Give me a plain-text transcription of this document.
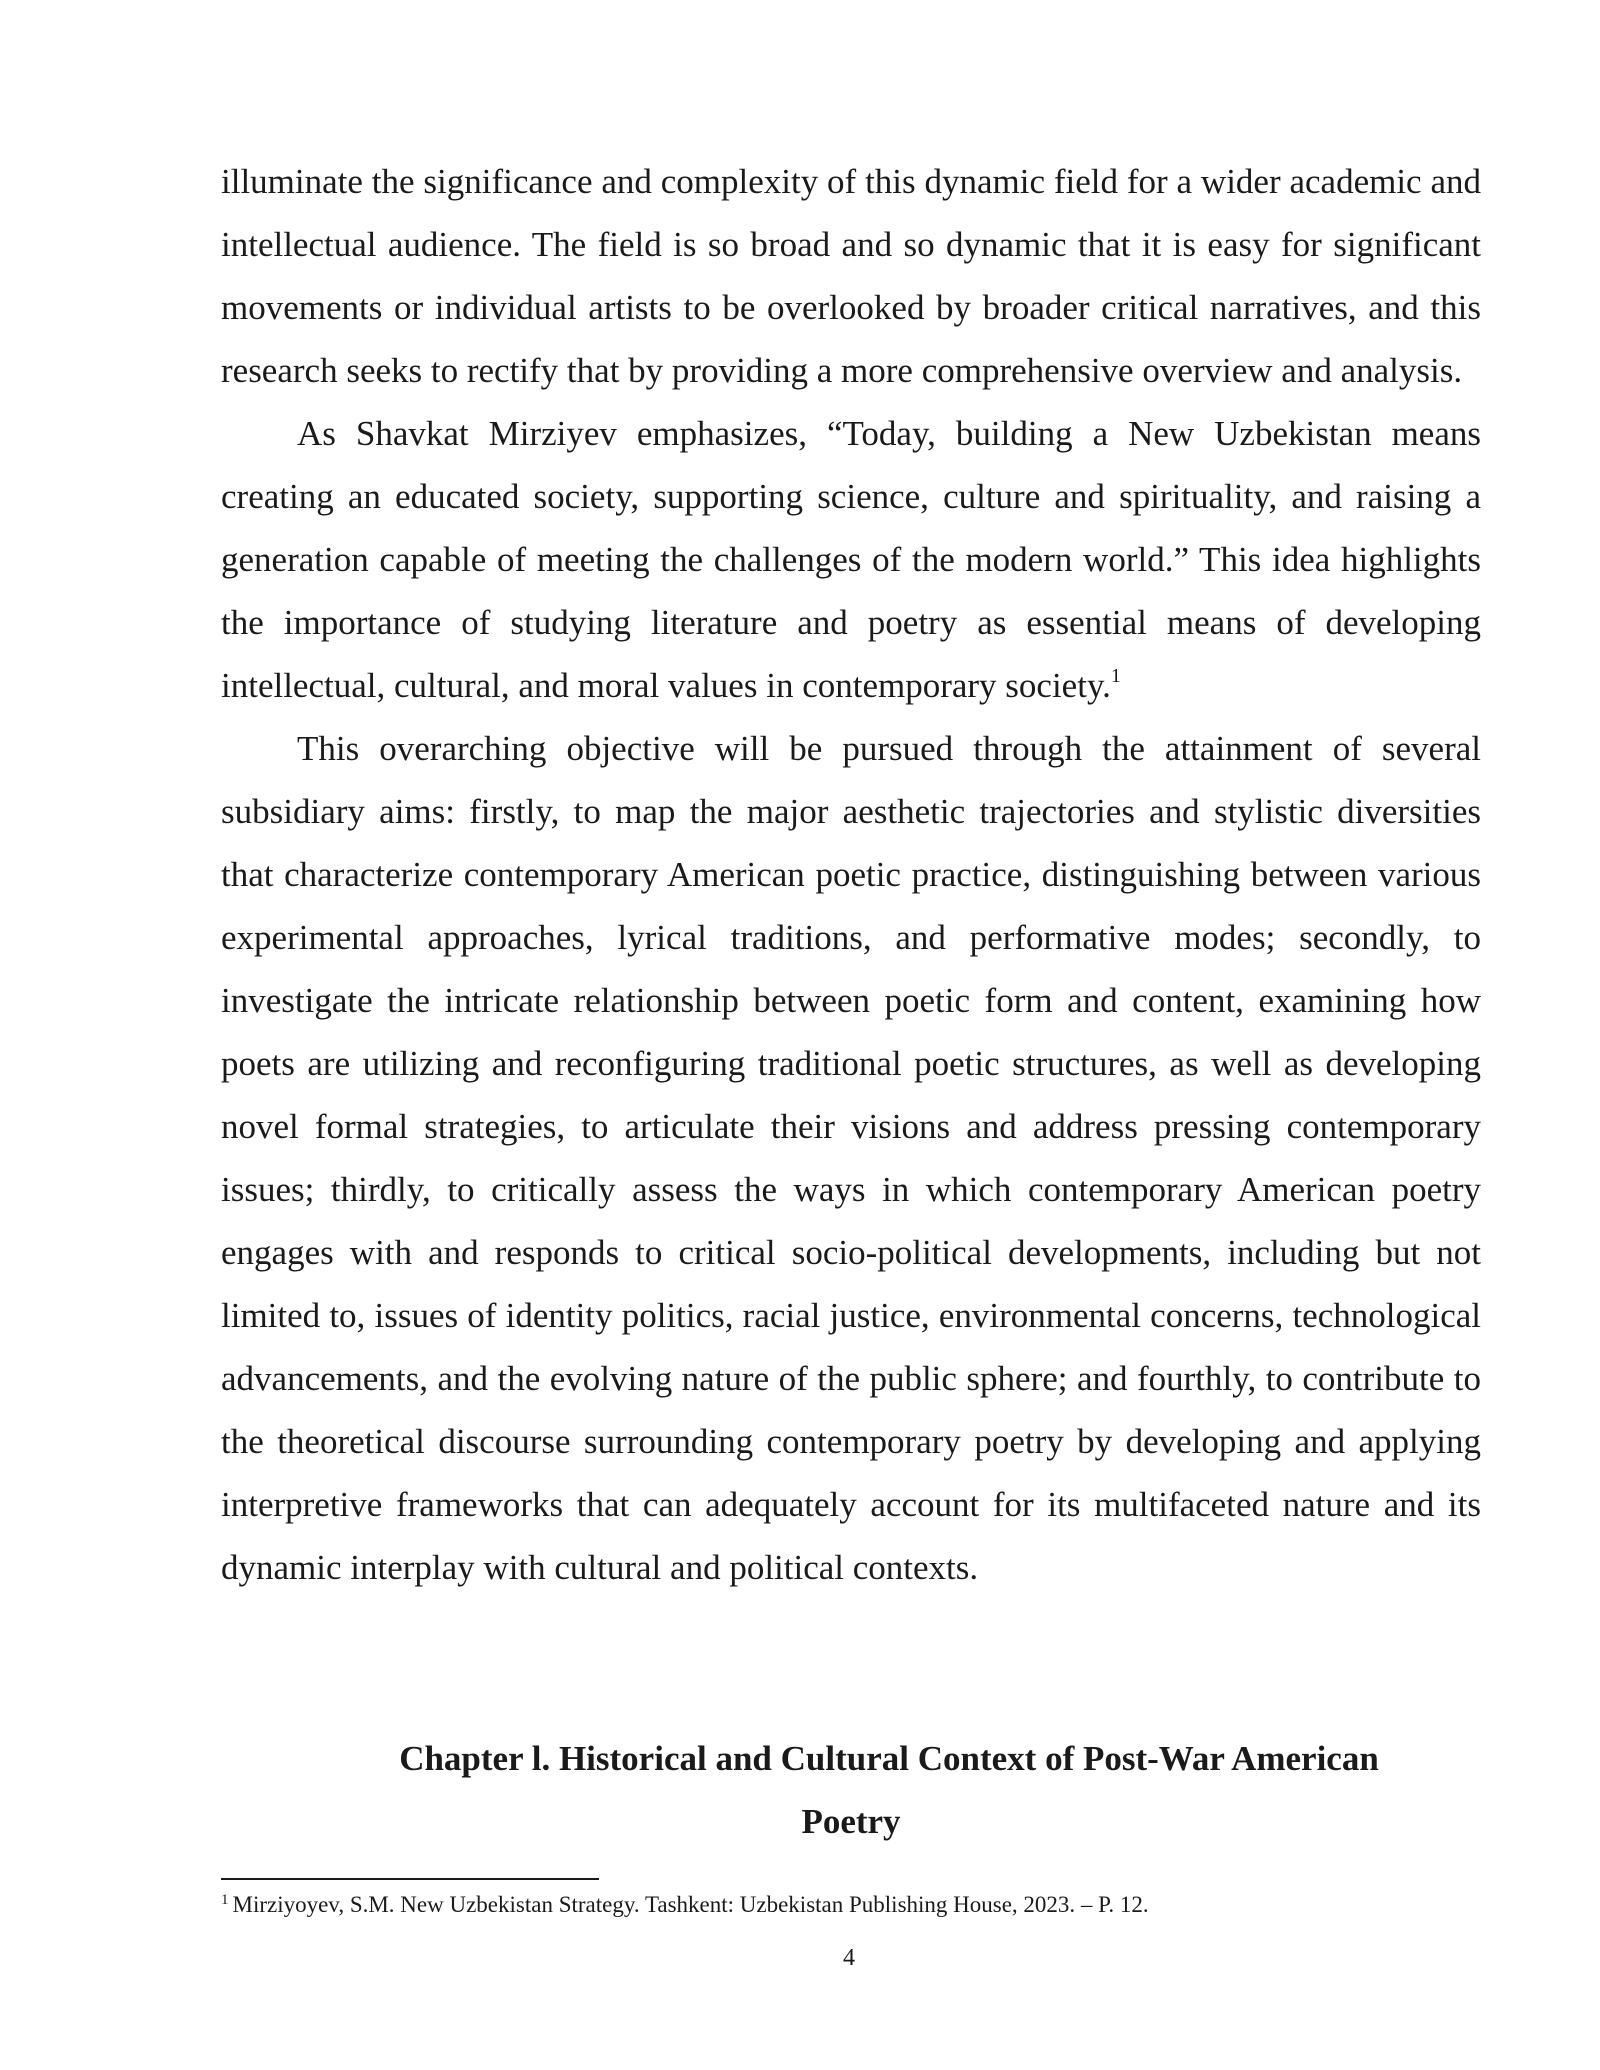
illuminate the significance and complexity of this dynamic field for a wider academic and intellectual audience. The field is so broad and so dynamic that it is easy for significant movements or individual artists to be overlooked by broader critical narratives, and this research seeks to rectify that by providing a more comprehensive overview and analysis.

As Shavkat Mirziyev emphasizes, “Today, building a New Uzbekistan means creating an educated society, supporting science, culture and spirituality, and raising a generation capable of meeting the challenges of the modern world.” This idea highlights the importance of studying literature and poetry as essential means of developing intellectual, cultural, and moral values in contemporary society.$^1$

This overarching objective will be pursued through the attainment of several subsidiary aims: firstly, to map the major aesthetic trajectories and stylistic diversities that characterize contemporary American poetic practice, distinguishing between various experimental approaches, lyrical traditions, and performative modes; secondly, to investigate the intricate relationship between poetic form and content, examining how poets are utilizing and reconfiguring traditional poetic structures, as well as developing novel formal strategies, to articulate their visions and address pressing contemporary issues; thirdly, to critically assess the ways in which contemporary American poetry engages with and responds to critical socio-political developments, including but not limited to, issues of identity politics, racial justice, environmental concerns, technological advancements, and the evolving nature of the public sphere; and fourthly, to contribute to the theoretical discourse surrounding contemporary poetry by developing and applying interpretive frameworks that can adequately account for its multifaceted nature and its dynamic interplay with cultural and political contexts.

Chapter l. Historical and Cultural Context of Post-War American
Poetry
$^1$ Mirziyoyev, S.M. New Uzbekistan Strategy. Tashkent: Uzbekistan Publishing House, 2023. – P. 12.
4
